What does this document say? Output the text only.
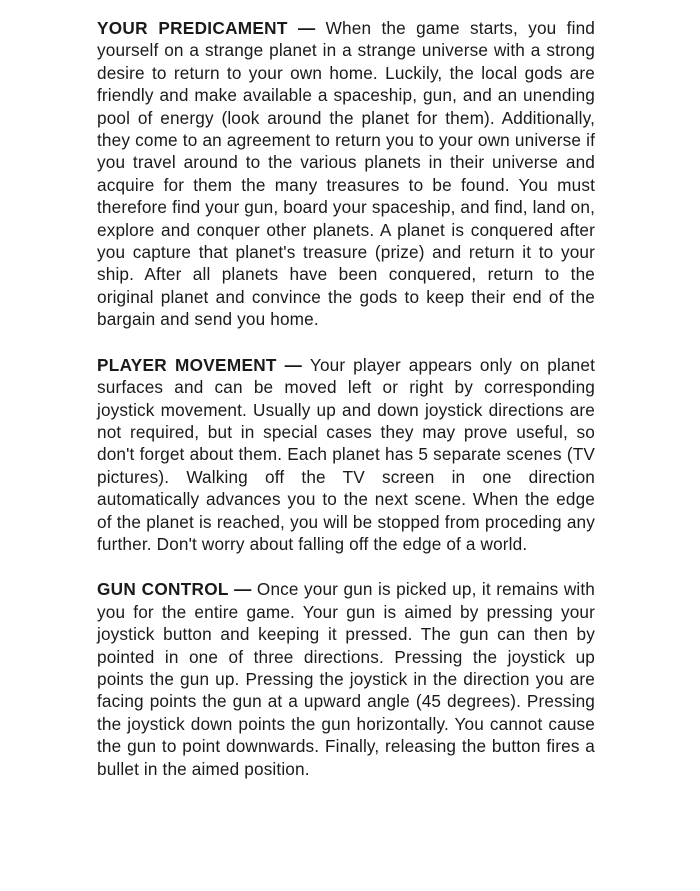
YOUR PREDICAMENT — When the game starts, you find yourself on a strange planet in a strange universe with a strong desire to return to your own home. Luckily, the local gods are friendly and make available a spaceship, gun, and an unending pool of energy (look around the planet for them). Additionally, they come to an agreement to return you to your own universe if you travel around to the various planets in their universe and acquire for them the many treasures to be found. You must therefore find your gun, board your spaceship, and find, land on, explore and conquer other planets. A planet is conquered after you capture that planet's treasure (prize) and return it to your ship. After all planets have been conquered, return to the original planet and convince the gods to keep their end of the bargain and send you home.

PLAYER MOVEMENT — Your player appears only on planet surfaces and can be moved left or right by corresponding joystick movement. Usually up and down joystick directions are not required, but in special cases they may prove useful, so don't forget about them. Each planet has 5 separate scenes (TV pictures). Walking off the TV screen in one direction automatically advances you to the next scene. When the edge of the planet is reached, you will be stopped from proceding any further. Don't worry about falling off the edge of a world.

GUN CONTROL — Once your gun is picked up, it remains with you for the entire game. Your gun is aimed by pressing your joystick button and keeping it pressed. The gun can then by pointed in one of three directions. Pressing the joystick up points the gun up. Pressing the joystick in the direction you are facing points the gun at a upward angle (45 degrees). Pressing the joystick down points the gun horizontally. You cannot cause the gun to point downwards. Finally, releasing the button fires a bullet in the aimed position.
